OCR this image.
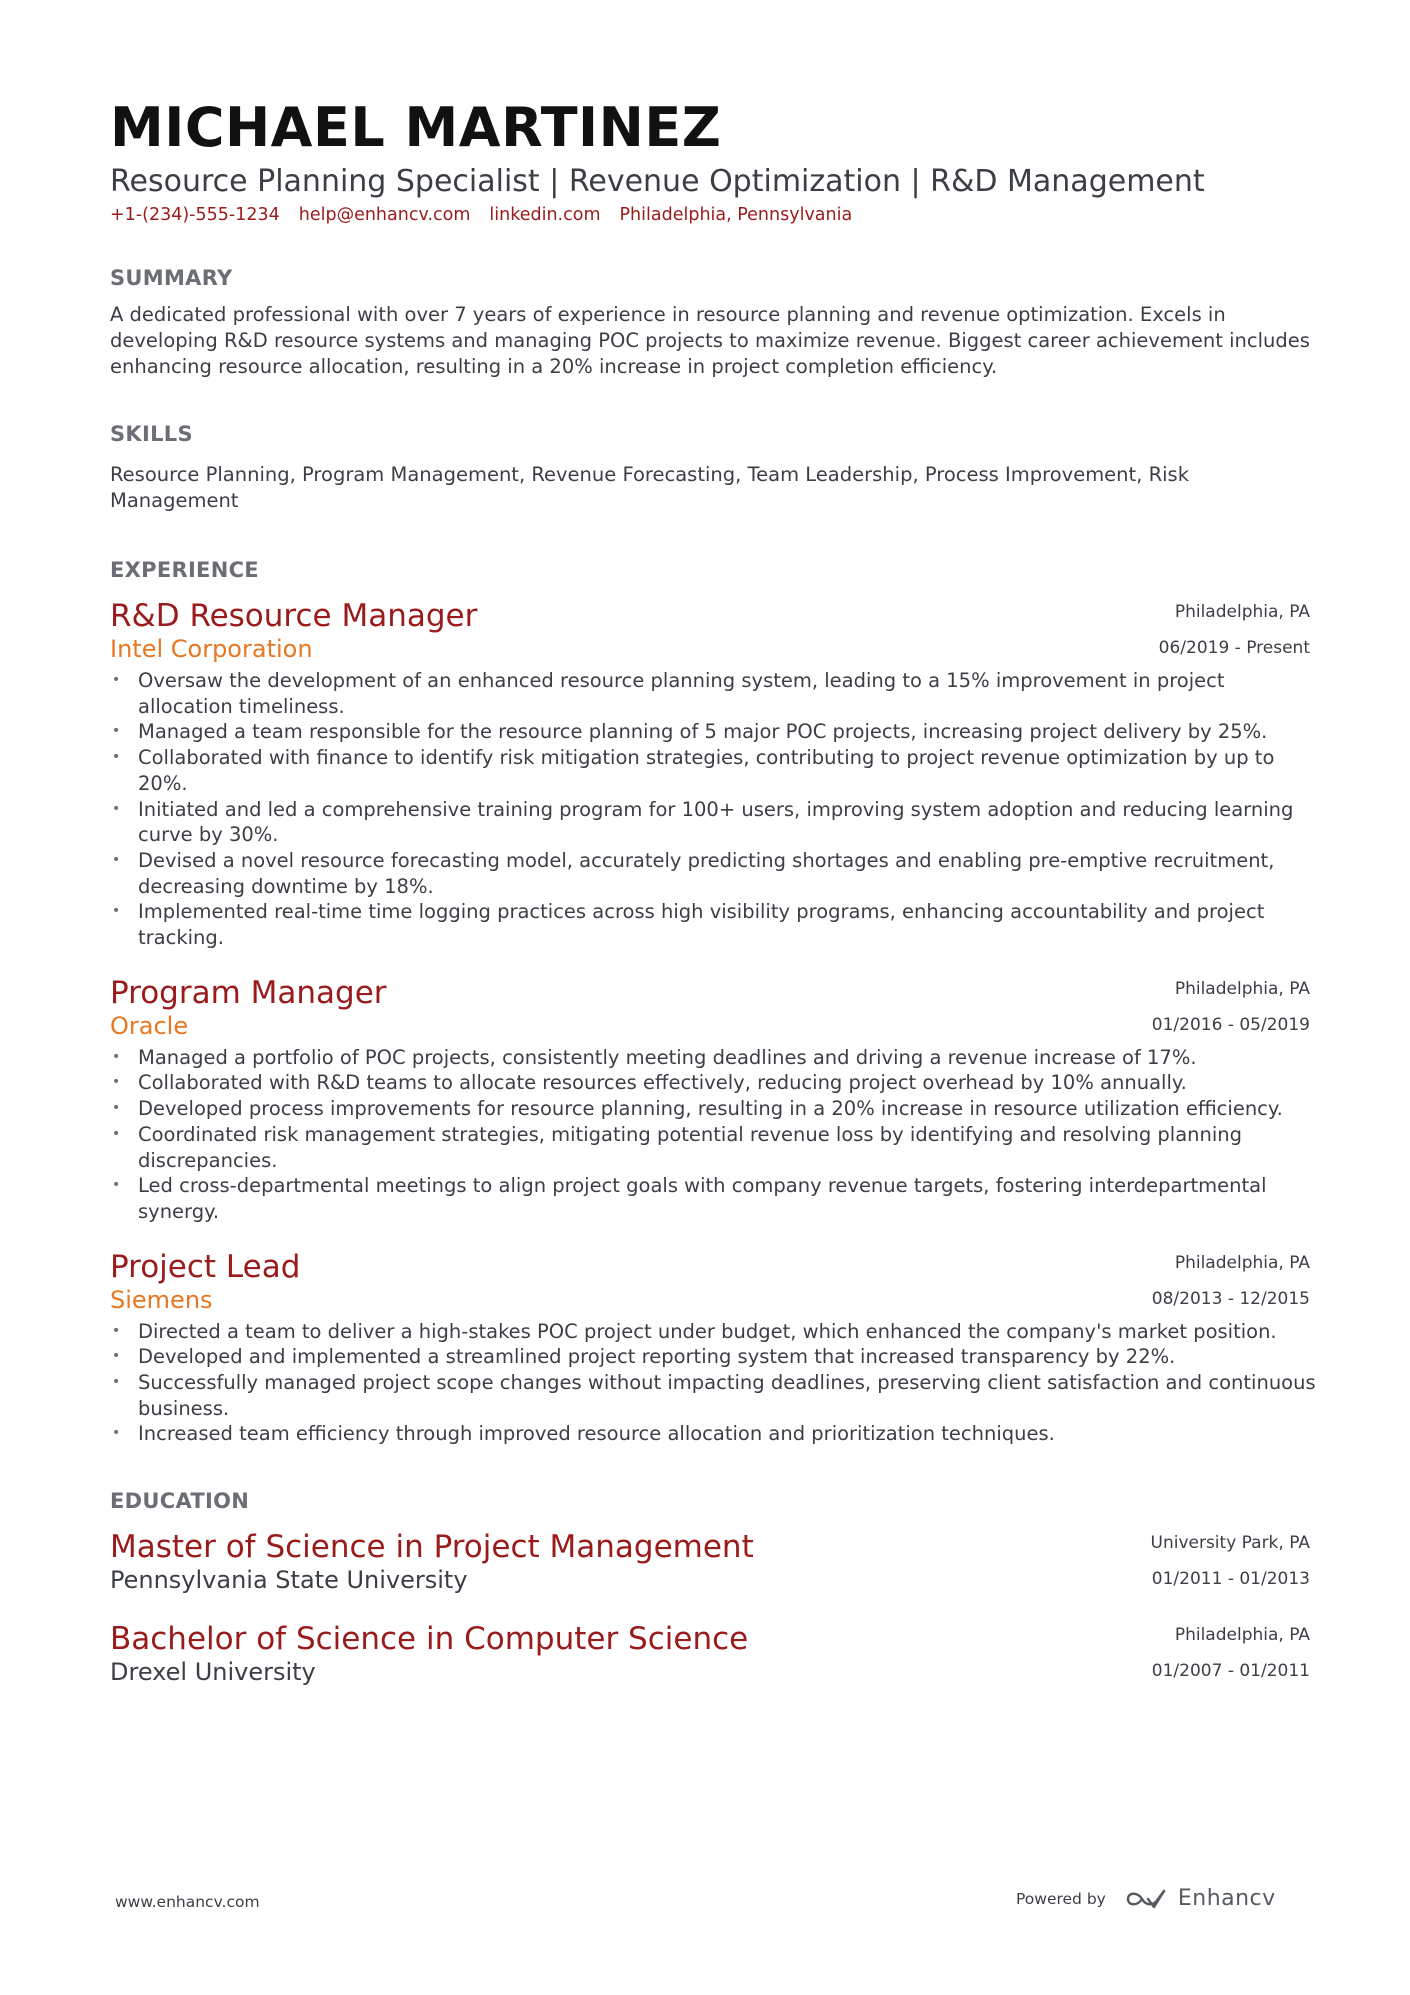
MICHAEL MARTINEZ
Resource Planning Specialist | Revenue Optimization | R&D Management
+1-(234)-555-1234 help@enhancv.com linkedin.com Philadelphia, Pennsylvania
SUMMARY

A dedicated professional with over 7 years of experience in resource planning and revenue optimization. Excels in developing R&D resource systems and managing POC projects to maximize revenue. Biggest career achievement includes enhancing resource allocation, resulting in a 20% increase in project completion efficiency.

SKILLS

Resource Planning, Program Management, Revenue Forecasting, Team Leadership, Process Improvement, Risk Management

EXPERIENCE
R&D Resource Manager
Intel Corporation
Philadelphia, PA
06/2019 - Present
• Oversaw the development of an enhanced resource planning system, leading to a 15% improvement in project allocation timeliness.
• Managed a team responsible for the resource planning of 5 major POC projects, increasing project delivery by 25%.
• Collaborated with finance to identify risk mitigation strategies, contributing to project revenue optimization by up to 20%.
• Initiated and led a comprehensive training program for 100+ users, improving system adoption and reducing learning curve by 30%.
• Devised a novel resource forecasting model, accurately predicting shortages and enabling pre-emptive recruitment, decreasing downtime by 18%.
• Implemented real-time time logging practices across high visibility programs, enhancing accountability and project tracking.
Program Manager
Oracle
Philadelphia, PA
01/2016 - 05/2019
• Managed a portfolio of POC projects, consistently meeting deadlines and driving a revenue increase of 17%.
• Collaborated with R&D teams to allocate resources effectively, reducing project overhead by 10% annually.
• Developed process improvements for resource planning, resulting in a 20% increase in resource utilization efficiency.
• Coordinated risk management strategies, mitigating potential revenue loss by identifying and resolving planning discrepancies.
• Led cross-departmental meetings to align project goals with company revenue targets, fostering interdepartmental synergy.
Project Lead
Siemens
Philadelphia, PA
08/2013 - 12/2015
• Directed a team to deliver a high-stakes POC project under budget, which enhanced the company's market position.
• Developed and implemented a streamlined project reporting system that increased transparency by 22%.
• Successfully managed project scope changes without impacting deadlines, preserving client satisfaction and continuous business.
• Increased team efficiency through improved resource allocation and prioritization techniques.
EDUCATION
Master of Science in Project Management
Pennsylvania State University
University Park, PA
01/2011 - 01/2013
Bachelor of Science in Computer Science
Drexel University
Philadelphia, PA
01/2007 - 01/2011
www.enhancv.com	Powered by	Enhancv
